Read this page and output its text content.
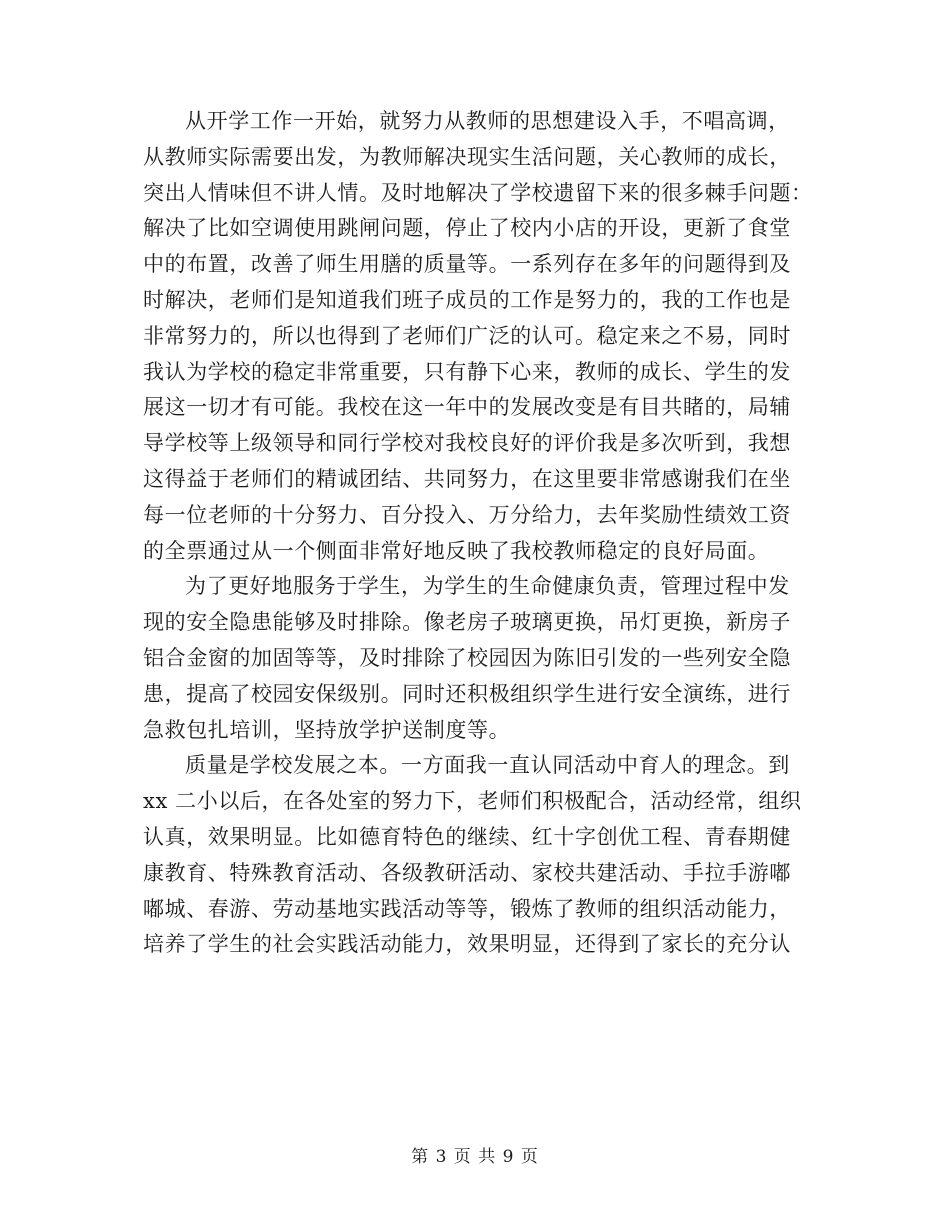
从开学工作一开始，就努力从教师的思想建设入手，不唱高调，
从教师实际需要出发，为教师解决现实生活问题，关心教师的成长，
突出人情味但不讲人情。及时地解决了学校遗留下来的很多棘手问题：
解决了比如空调使用跳闸问题，停止了校内小店的开设，更新了食堂
中的布置，改善了师生用膳的质量等。一系列存在多年的问题得到及
时解决，老师们是知道我们班子成员的工作是努力的，我的工作也是
非常努力的，所以也得到了老师们广泛的认可。稳定来之不易，同时
我认为学校的稳定非常重要，只有静下心来，教师的成长、学生的发
展这一切才有可能。我校在这一年中的发展改变是有目共睹的，局辅
导学校等上级领导和同行学校对我校良好的评价我是多次听到，我想
这得益于老师们的精诚团结、共同努力，在这里要非常感谢我们在坐
每一位老师的十分努力、百分投入、万分给力，去年奖励性绩效工资
的全票通过从一个侧面非常好地反映了我校教师稳定的良好局面。

为了更好地服务于学生，为学生的生命健康负责，管理过程中发
现的安全隐患能够及时排除。像老房子玻璃更换，吊灯更换，新房子
铝合金窗的加固等等，及时排除了校园因为陈旧引发的一些列安全隐
患，提高了校园安保级别。同时还积极组织学生进行安全演练，进行
急救包扎培训，坚持放学护送制度等。

质量是学校发展之本。一方面我一直认同活动中育人的理念。到
xx 二小以后，在各处室的努力下，老师们积极配合，活动经常，组织
认真，效果明显。比如德育特色的继续、红十字创优工程、青春期健
康教育、特殊教育活动、各级教研活动、家校共建活动、手拉手游嘟
嘟城、春游、劳动基地实践活动等等，锻炼了教师的组织活动能力，
培养了学生的社会实践活动能力，效果明显，还得到了家长的充分认

第 3 页 共 9 页
